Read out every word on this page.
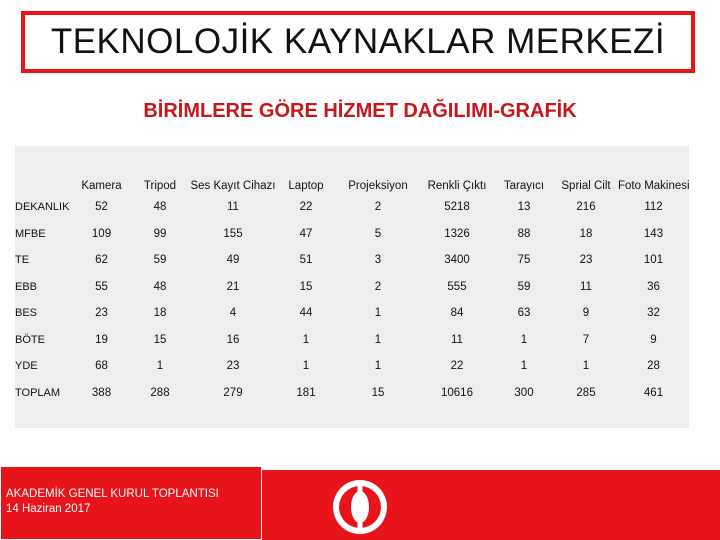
TEKNOLOJİK KAYNAKLAR MERKEZİ
BİRİMLERE GÖRE HİZMET DAĞILIMI-GRAFİK
	Kamera	Tripod	Ses Kayıt Cihazı	Laptop	Projeksiyon	Renkli Çıktı	Tarayıcı	Sprial Cilt	Foto Makinesi
DEKANLIK	52	48	11	22	2	5218	13	216	112
MFBE	109	99	155	47	5	1326	88	18	143
TE	62	59	49	51	3	3400	75	23	101
EBB	55	48	21	15	2	555	59	11	36
BES	23	18	4	44	1	84	63	9	32
BÖTE	19	15	16	1	1	11	1	7	9
YDE	68	1	23	1	1	22	1	1	28
TOPLAM	388	288	279	181	15	10616	300	285	461

AKADEMİK GENEL KURUL TOPLANTISI
14 Haziran 2017
